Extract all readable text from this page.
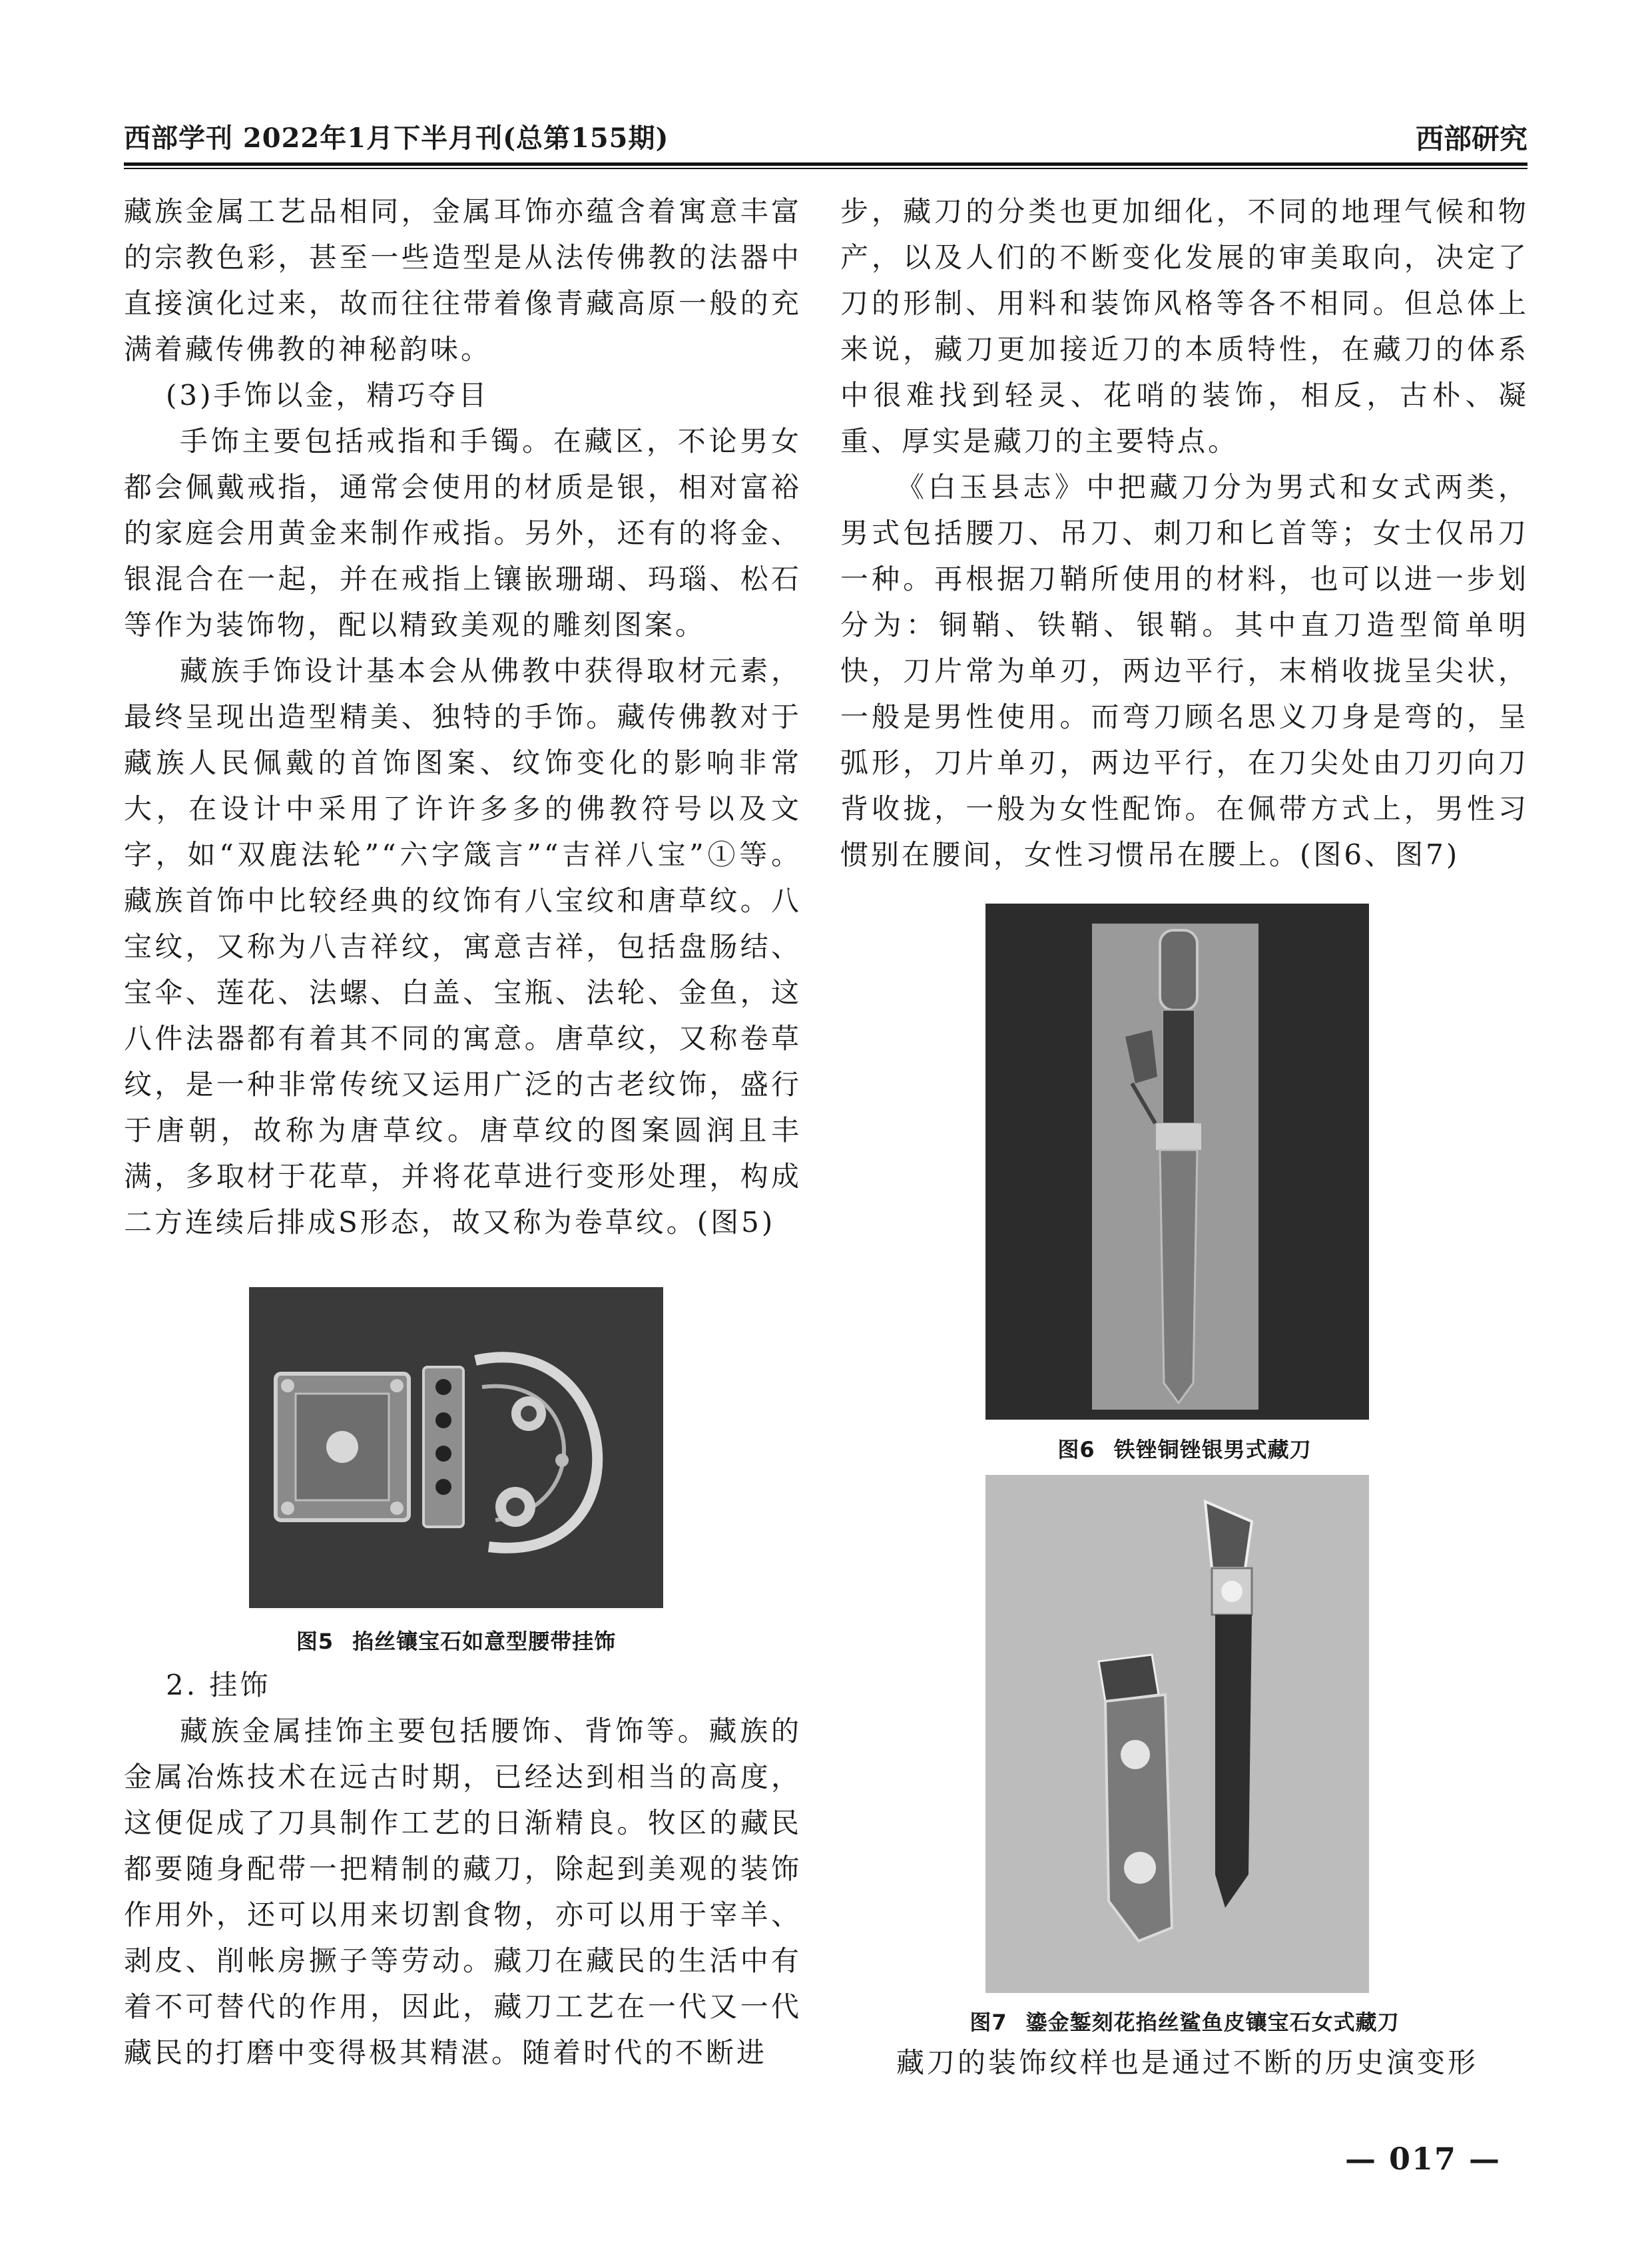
西部学刊 2022年1月下半月刊(总第155期)	西部研究

藏族金属工艺品相同，金属耳饰亦蕴含着寓意丰富的宗教色彩，甚至一些造型是从法传佛教的法器中直接演化过来，故而往往带着像青藏高原一般的充满着藏传佛教的神秘韵味。

(3)手饰以金，精巧夺目

手饰主要包括戒指和手镯。在藏区，不论男女都会佩戴戒指，通常会使用的材质是银，相对富裕的家庭会用黄金来制作戒指。另外，还有的将金、银混合在一起，并在戒指上镶嵌珊瑚、玛瑙、松石等作为装饰物，配以精致美观的雕刻图案。

藏族手饰设计基本会从佛教中获得取材元素，最终呈现出造型精美、独特的手饰。藏传佛教对于藏族人民佩戴的首饰图案、纹饰变化的影响非常大，在设计中采用了许许多多的佛教符号以及文字，如“双鹿法轮”“六字箴言”“吉祥八宝”①等。藏族首饰中比较经典的纹饰有八宝纹和唐草纹。八宝纹，又称为八吉祥纹，寓意吉祥，包括盘肠结、宝伞、莲花、法螺、白盖、宝瓶、法轮、金鱼，这八件法器都有着其不同的寓意。唐草纹，又称卷草纹，是一种非常传统又运用广泛的古老纹饰，盛行于唐朝，故称为唐草纹。唐草纹的图案圆润且丰满，多取材于花草，并将花草进行变形处理，构成二方连续后排成S形态，故又称为卷草纹。(图5)

图5 掐丝镶宝石如意型腰带挂饰

2. 挂饰

藏族金属挂饰主要包括腰饰、背饰等。藏族的金属冶炼技术在远古时期，已经达到相当的高度，这便促成了刀具制作工艺的日渐精良。牧区的藏民都要随身配带一把精制的藏刀，除起到美观的装饰作用外，还可以用来切割食物，亦可以用于宰羊、剥皮、削帐房撅子等劳动。藏刀在藏民的生活中有着不可替代的作用，因此，藏刀工艺在一代又一代藏民的打磨中变得极其精湛。随着时代的不断进

步，藏刀的分类也更加细化，不同的地理气候和物产，以及人们的不断变化发展的审美取向，决定了刀的形制、用料和装饰风格等各不相同。但总体上来说，藏刀更加接近刀的本质特性，在藏刀的体系中很难找到轻灵、花哨的装饰，相反，古朴、凝重、厚实是藏刀的主要特点。

《白玉县志》中把藏刀分为男式和女式两类，男式包括腰刀、吊刀、刺刀和匕首等；女士仅吊刀一种。再根据刀鞘所使用的材料，也可以进一步划分为：铜鞘、铁鞘、银鞘。其中直刀造型简单明快，刀片常为单刃，两边平行，末梢收拢呈尖状，一般是男性使用。而弯刀顾名思义刀身是弯的，呈弧形，刀片单刃，两边平行，在刀尖处由刀刃向刀背收拢，一般为女性配饰。在佩带方式上，男性习惯别在腰间，女性习惯吊在腰上。(图6、图7)

图6 铁锉铜锉银男式藏刀
图7 鎏金錾刻花掐丝鲨鱼皮镶宝石女式藏刀

藏刀的装饰纹样也是通过不断的历史演变形

— 017 —
